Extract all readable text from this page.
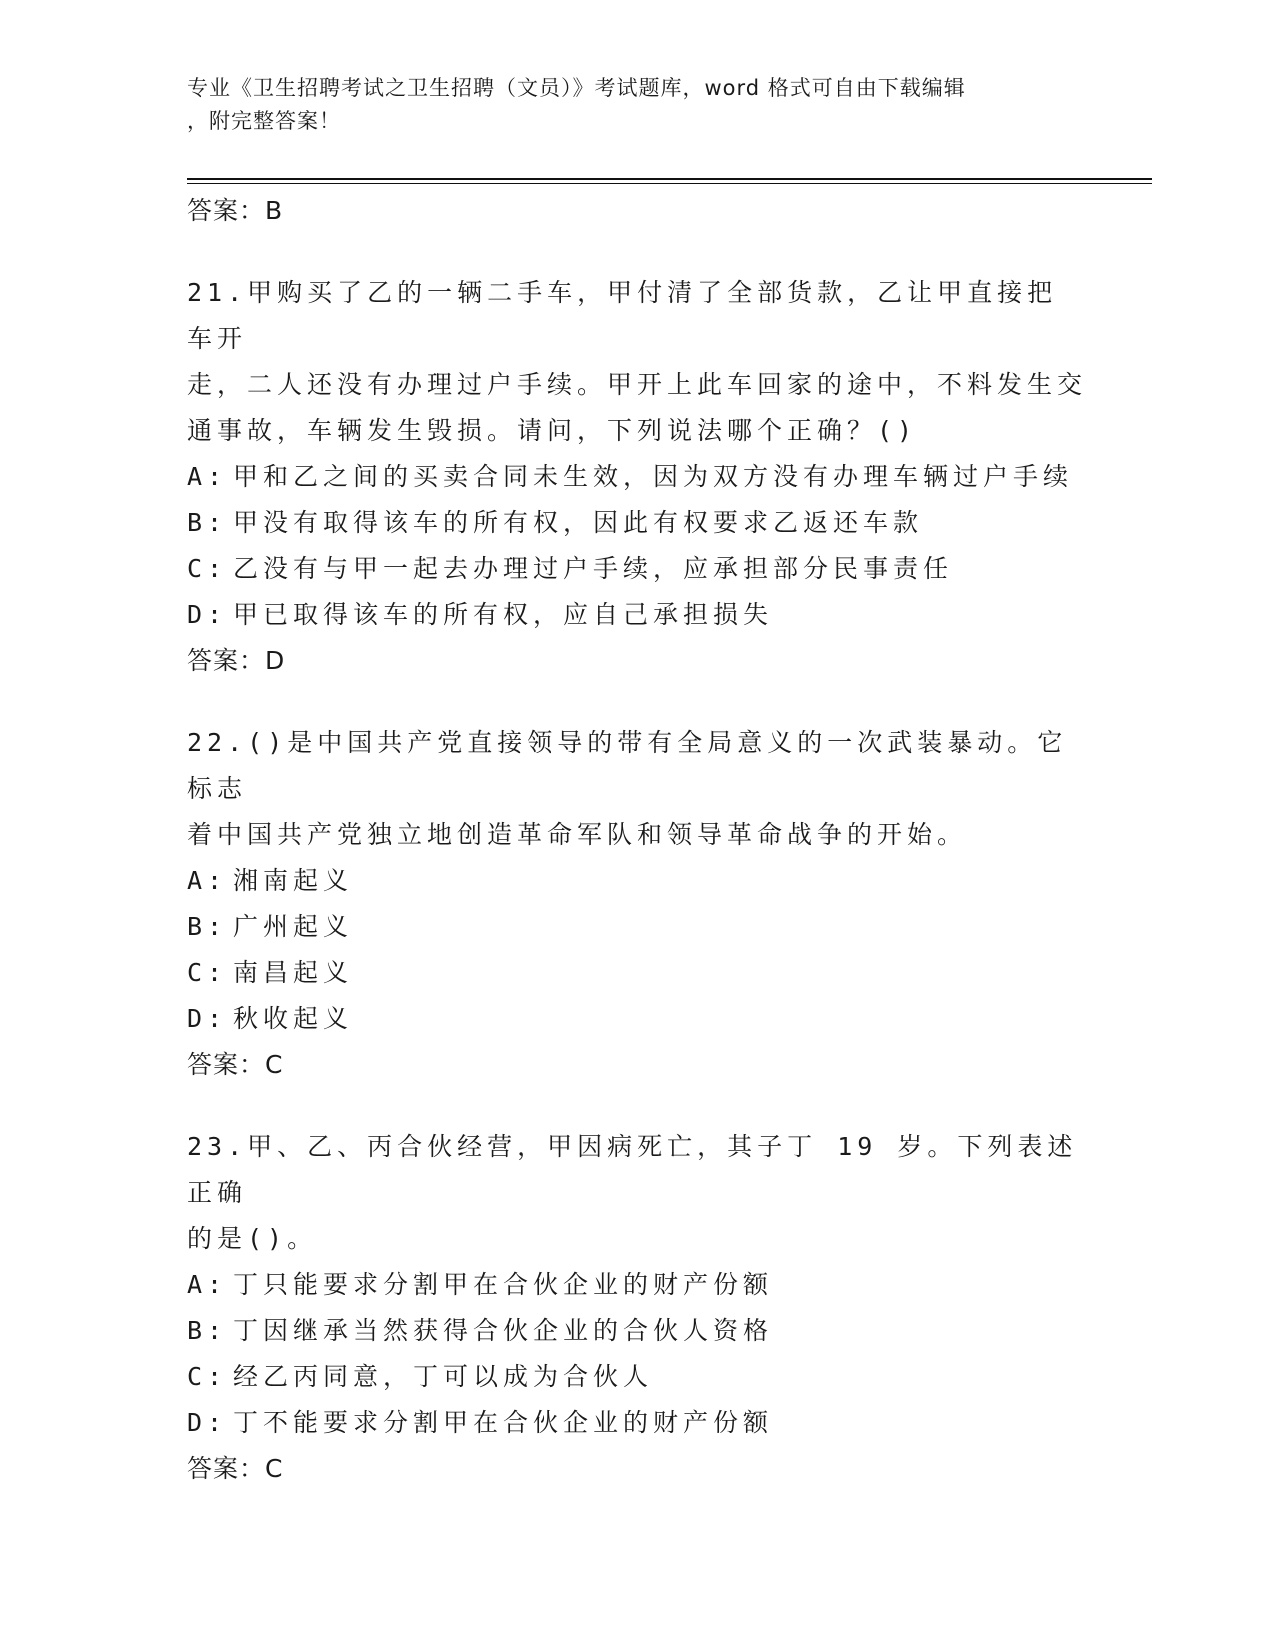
专业《卫生招聘考试之卫生招聘（文员）》考试题库，word 格式可自由下载编辑
，附完整答案！
答案：B
21.甲购买了乙的一辆二手车，甲付清了全部货款，乙让甲直接把车开
走，二人还没有办理过户手续。甲开上此车回家的途中，不料发生交
通事故，车辆发生毁损。请问，下列说法哪个正确？()
A: 甲和乙之间的买卖合同未生效，因为双方没有办理车辆过户手续
B: 甲没有取得该车的所有权，因此有权要求乙返还车款
C: 乙没有与甲一起去办理过户手续，应承担部分民事责任
D: 甲已取得该车的所有权，应自己承担损失
答案：D
22.()是中国共产党直接领导的带有全局意义的一次武装暴动。它标志
着中国共产党独立地创造革命军队和领导革命战争的开始。
A: 湘南起义
B: 广州起义
C: 南昌起义
D: 秋收起义
答案：C
23.甲、乙、丙合伙经营，甲因病死亡，其子丁 19 岁。下列表述正确
的是()。
A: 丁只能要求分割甲在合伙企业的财产份额
B: 丁因继承当然获得合伙企业的合伙人资格
C: 经乙丙同意，丁可以成为合伙人
D: 丁不能要求分割甲在合伙企业的财产份额
答案：C
